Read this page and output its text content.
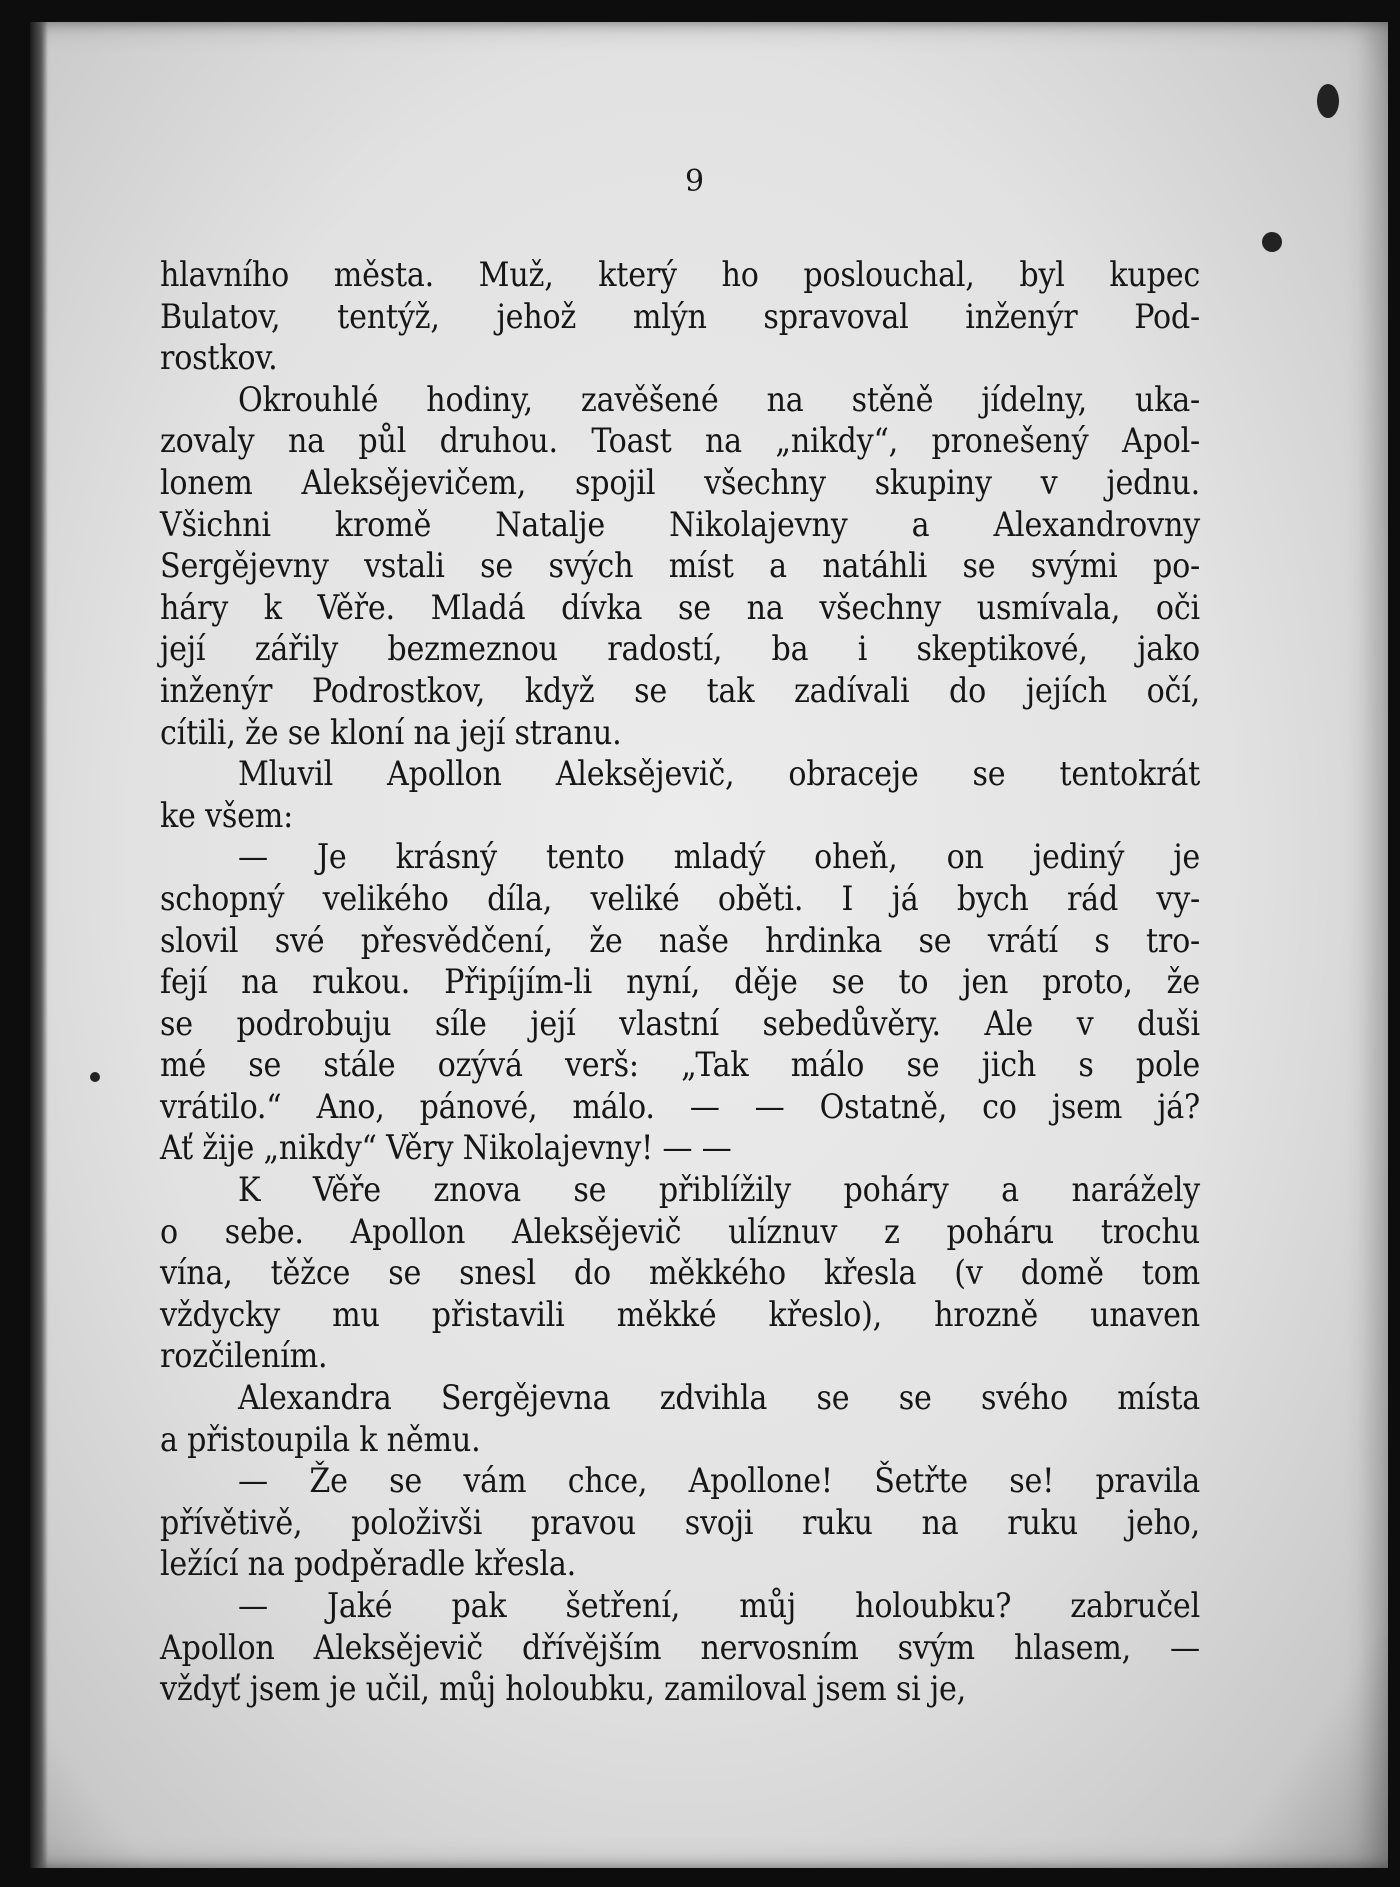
9

hlavního města. Muž, který ho poslouchal, byl kupec
Bulatov, tentýž, jehož mlýn spravoval inženýr Pod-
rostkov.

Okrouhlé hodiny, zavěšené na stěně jídelny, uka-
zovaly na půl druhou. Toast na „nikdy“, pronešený Apol-
lonem Aleksějevičem, spojil všechny skupiny v jednu.
Všichni kromě Natalje Nikolajevny a Alexandrovny
Sergějevny vstali se svých míst a natáhli se svými po-
háry k Věře. Mladá dívka se na všechny usmívala, oči
její zářily bezmeznou radostí, ba i skeptikové, jako
inženýr Podrostkov, když se tak zadívali do jejích očí,
cítili, že se kloní na její stranu.

Mluvil Apollon Aleksějevič, obraceje se tentokrát
ke všem:

— Je krásný tento mladý oheň, on jediný je
schopný velikého díla, veliké oběti. I já bych rád vy-
slovil své přesvědčení, že naše hrdinka se vrátí s tro-
fejí na rukou. Připíjím-li nyní, děje se to jen proto, že
se podrobuju síle její vlastní sebedůvěry. Ale v duši
mé se stále ozývá verš: „Tak málo se jich s pole
vrátilo.“ Ano, pánové, málo. — — Ostatně, co jsem já?
Ať žije „nikdy“ Věry Nikolajevny! — —

K Věře znova se přiblížily poháry a narážely
o sebe. Apollon Aleksějevič ulíznuv z poháru trochu
vína, těžce se snesl do měkkého křesla (v domě tom
vždycky mu přistavili měkké křeslo), hrozně unaven
rozčilením.

Alexandra Sergějevna zdvihla se se svého místa
a přistoupila k němu.

— Že se vám chce, Apollone! Šetřte se! pravila
přívětivě, položivši pravou svoji ruku na ruku jeho,
ležící na podpěradle křesla.

— Jaké pak šetření, můj holoubku? zabručel
Apollon Aleksějevič dřívějším nervosním svým hlasem, —
vždyť jsem je učil, můj holoubku, zamiloval jsem si je,
